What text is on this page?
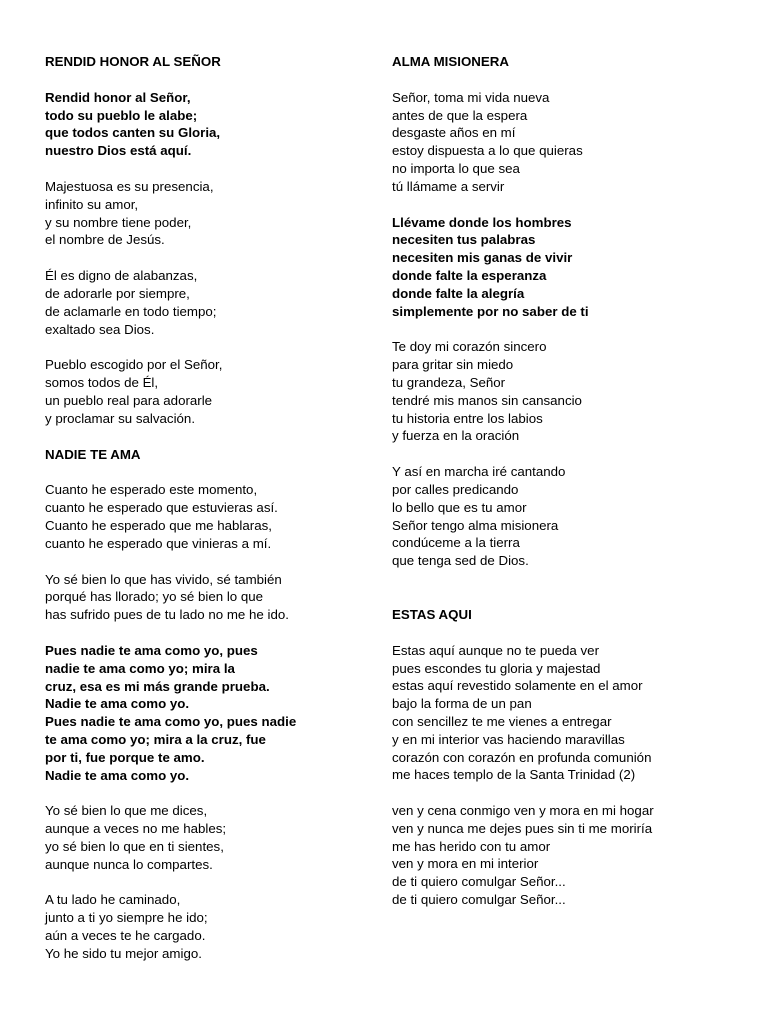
RENDID HONOR AL SEÑOR
Rendid honor al Señor,
todo su pueblo le alabe;
que todos canten su Gloria,
nuestro Dios está aquí.
Majestuosa es su presencia,
infinito su amor,
y su nombre tiene poder,
el nombre de Jesús.
Él es digno de alabanzas,
de adorarle por siempre,
de aclamarle en todo tiempo;
exaltado sea Dios.
Pueblo escogido por el Señor,
somos todos de Él,
un pueblo real para adorarle
y proclamar su salvación.
NADIE TE AMA
Cuanto he esperado este momento,
cuanto he esperado que estuvieras así.
Cuanto he esperado que me hablaras,
cuanto he esperado que vinieras a mí.
Yo sé bien lo que has vivido, sé también
porqué has llorado; yo sé bien lo que
has sufrido pues de tu lado no me he ido.
Pues nadie te ama como yo, pues
nadie te ama como yo; mira la
cruz, esa es mi más grande prueba.
Nadie te ama como yo.
Pues nadie te ama como yo, pues nadie
te ama como yo; mira a la cruz, fue
por ti, fue porque te amo.
Nadie te ama como yo.
Yo sé bien lo que me dices,
aunque a veces no me hables;
yo sé bien lo que en ti sientes,
aunque nunca lo compartes.
A tu lado he caminado,
junto a ti yo siempre he ido;
aún a veces te he cargado.
Yo he sido tu mejor amigo.
ALMA MISIONERA
Señor, toma mi vida nueva
antes de que la espera
desgaste años en mí
estoy dispuesta a lo que quieras
no importa lo que sea
tú llámame a servir
Llévame donde los hombres
necesiten tus palabras
necesiten mis ganas de vivir
donde falte la esperanza
donde falte la alegría
simplemente por no saber de ti
Te doy mi corazón sincero
para gritar sin miedo
tu grandeza, Señor
tendré mis manos sin cansancio
tu historia entre los labios
y fuerza en la oración
Y así en marcha iré cantando
por calles predicando
lo bello que es tu amor
Señor tengo alma misionera
condúceme a la tierra
que tenga sed de Dios.
ESTAS AQUI
Estas aquí aunque no te pueda ver
pues escondes tu gloria y majestad
estas aquí revestido solamente en el amor
bajo la forma de un pan
con sencillez te me vienes a entregar
y en mi interior vas haciendo maravillas
corazón con corazón en profunda comunión
me haces templo de la Santa Trinidad (2)
ven y cena conmigo ven y mora en mi hogar
ven y nunca me dejes pues sin ti me moriría
me has herido con tu amor
ven y mora en mi interior
de ti quiero comulgar Señor...
de ti quiero comulgar Señor...
